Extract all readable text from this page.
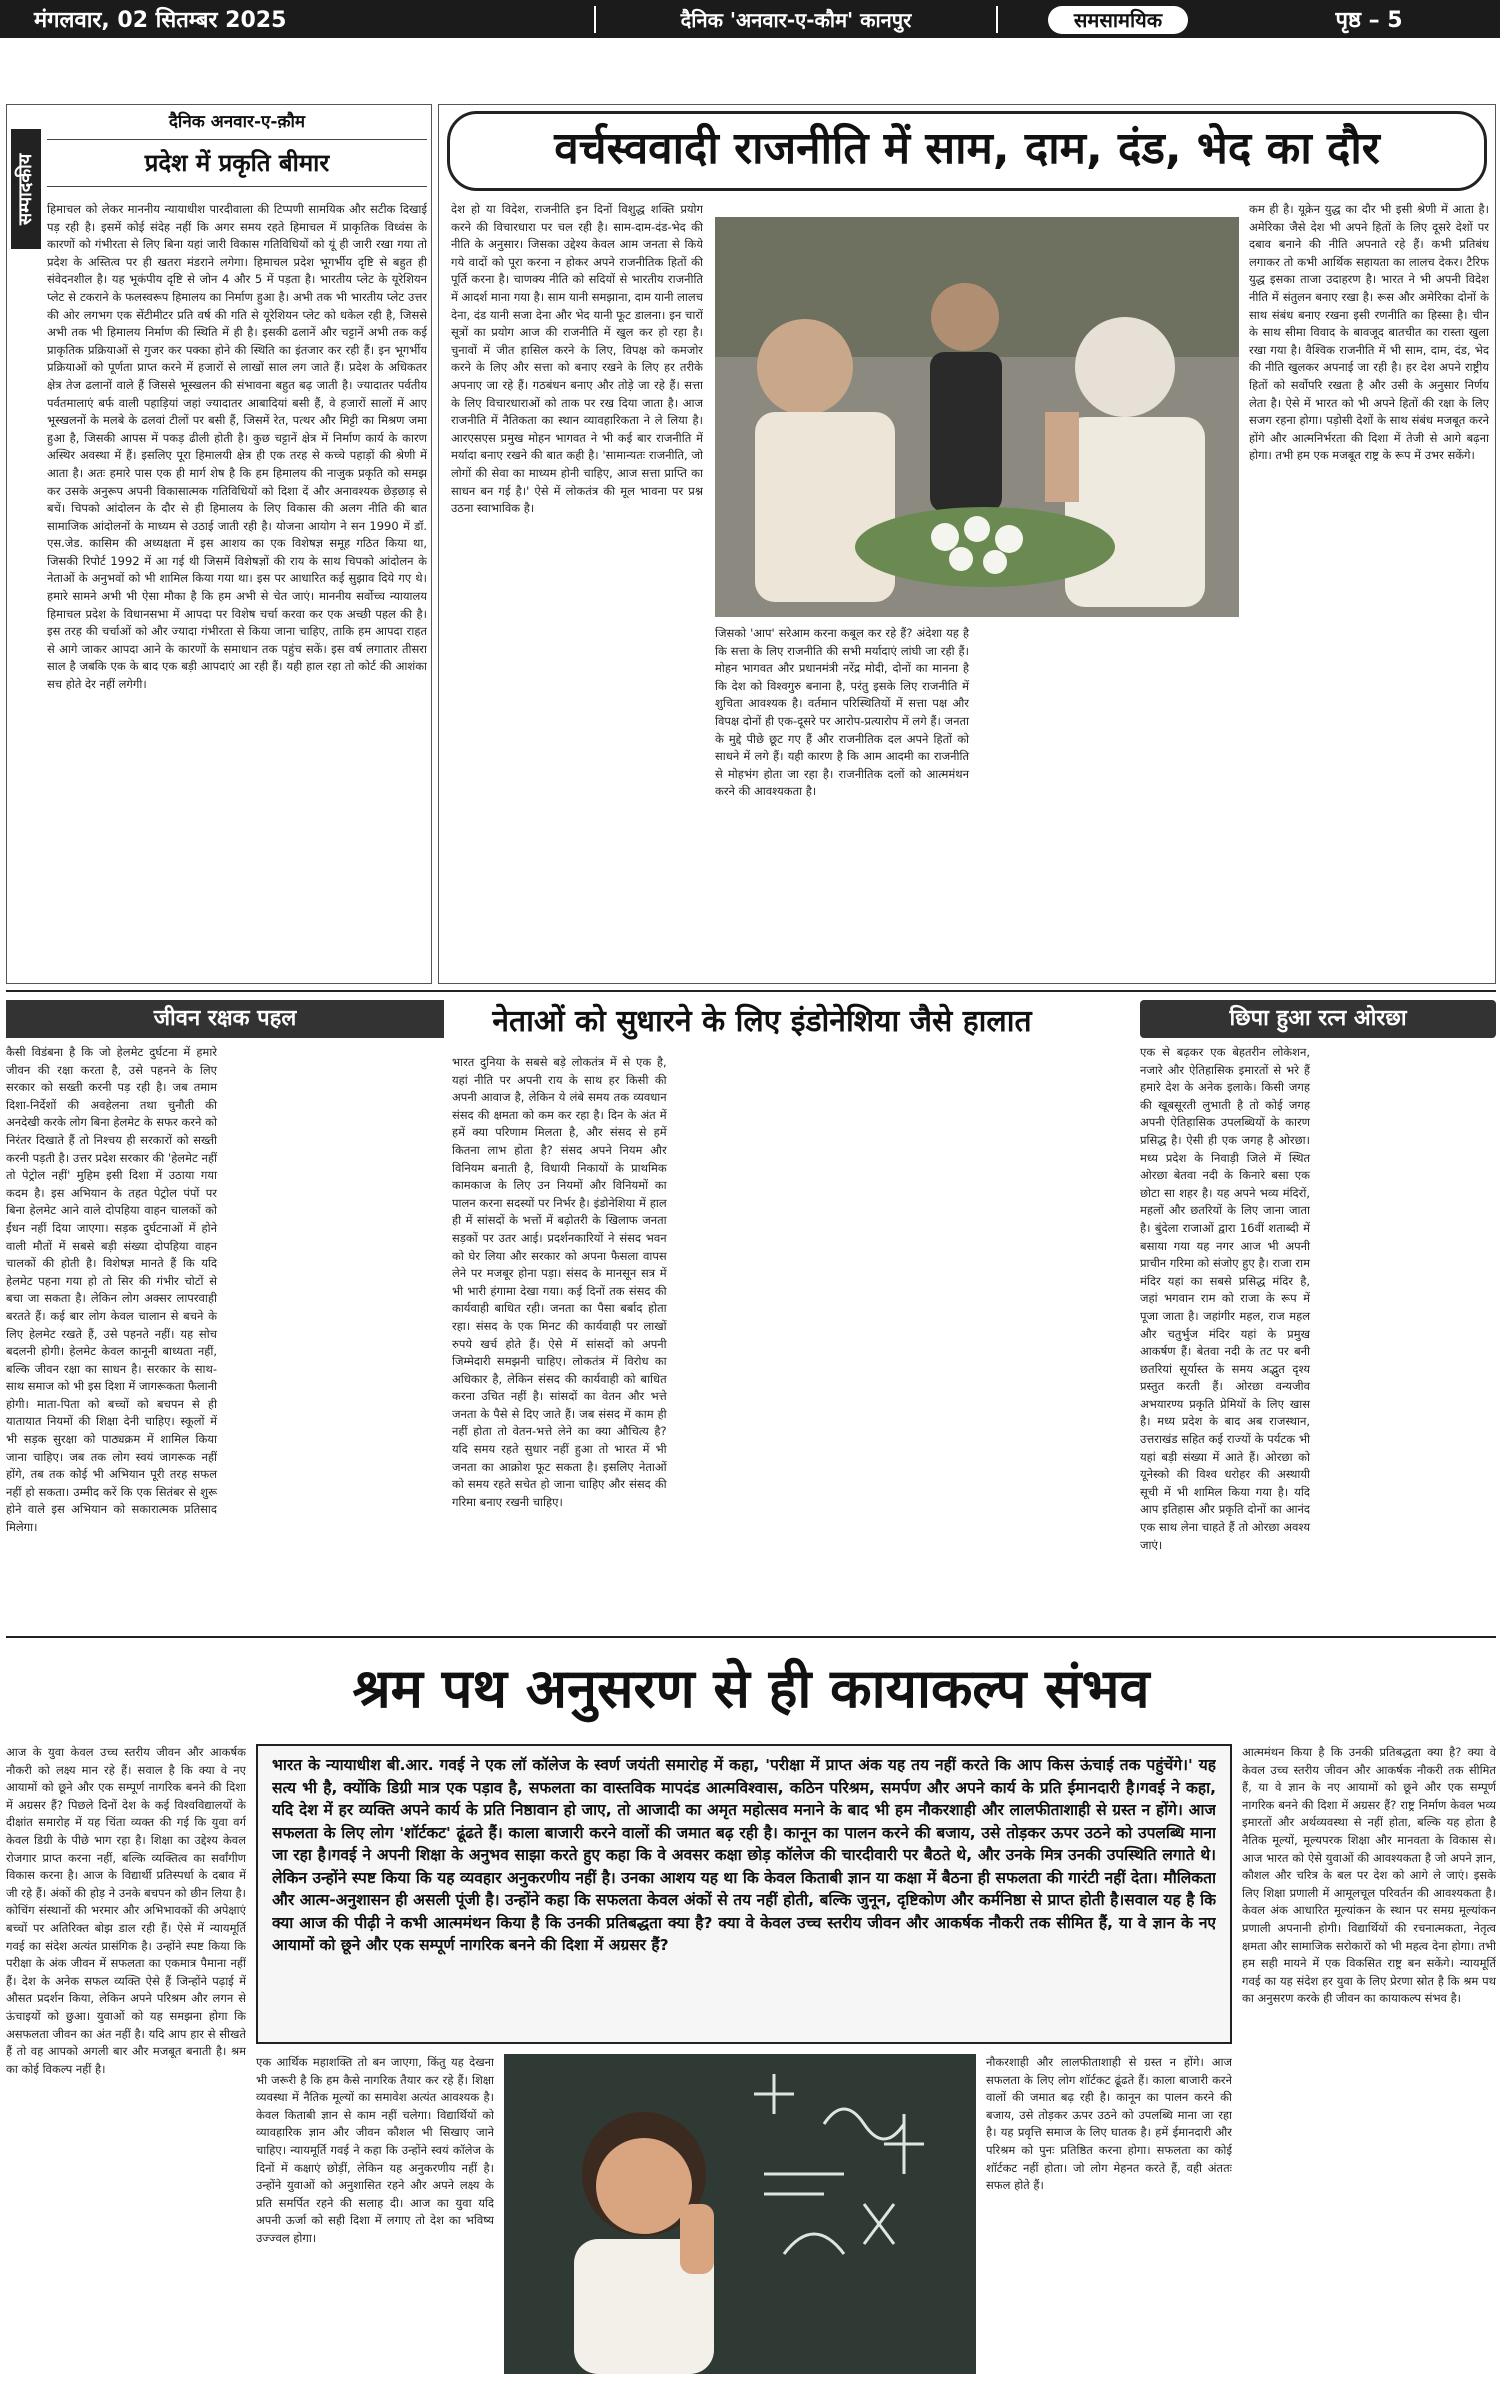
मंगलवार, 02 सितम्बर 2025	दैनिक 'अनवार-ए-कौम' कानपुर	समसामयिक	पृष्ठ – 5
सम्पादकीय
दैनिक अनवार-ए-क़ौम
प्रदेश में प्रकृति बीमार
हिमाचल को लेकर माननीय न्यायाधीश पारदीवाला की टिप्पणी सामयिक और सटीक दिखाई पड़ रही है। इसमें कोई संदेह नहीं कि अगर समय रहते हिमाचल में प्राकृतिक विध्वंस के कारणों को गंभीरता से लिए बिना यहां जारी विकास गतिविधियों को यूं ही जारी रखा गया तो प्रदेश के अस्तित्व पर ही खतरा मंडराने लगेगा। हिमाचल प्रदेश भूगर्भीय दृष्टि से बहुत ही संवेदनशील है। यह भूकंपीय दृष्टि से जोन 4 और 5 में पड़ता है। भारतीय प्लेट के यूरेशियन प्लेट से टकराने के फलस्वरूप हिमालय का निर्माण हुआ है। अभी तक भी भारतीय प्लेट उत्तर की ओर लगभग एक सेंटीमीटर प्रति वर्ष की गति से यूरेशियन प्लेट को धकेल रही है, जिससे अभी तक भी हिमालय निर्माण की स्थिति में ही है। इसकी ढलानें और चट्टानें अभी तक कई प्राकृतिक प्रक्रियाओं से गुजर कर पक्का होने की स्थिति का इंतजार कर रही हैं। इन भूगर्भीय प्रक्रियाओं को पूर्णता प्राप्त करने में हजारों से लाखों साल लग जाते हैं। प्रदेश के अधिकतर क्षेत्र तेज ढलानों वाले हैं जिससे भूस्खलन की संभावना बहुत बढ़ जाती है। ज्यादातर पर्वतीय पर्वतमालाएं बर्फ वाली पहाड़ियां जहां ज्यादातर आबादियां बसी हैं, वे हजारों सालों में आए भूस्खलनों के मलबे के ढलवां टीलों पर बसी हैं, जिसमें रेत, पत्थर और मिट्टी का मिश्रण जमा हुआ है, जिसकी आपस में पकड़ ढीली होती है। कुछ चट्टानें क्षेत्र में निर्माण कार्य के कारण अस्थिर अवस्था में हैं। इसलिए पूरा हिमालयी क्षेत्र ही एक तरह से कच्चे पहाड़ों की श्रेणी में आता है। अतः हमारे पास एक ही मार्ग शेष है कि हम हिमालय की नाजुक प्रकृति को समझ कर उसके अनुरूप अपनी विकासात्मक गतिविधियों को दिशा दें और अनावश्यक छेड़छाड़ से बचें। चिपको आंदोलन के दौर से ही हिमालय के लिए विकास की अलग नीति की बात सामाजिक आंदोलनों के माध्यम से उठाई जाती रही है। योजना आयोग ने सन 1990 में डॉ. एस.जेड. कासिम की अध्यक्षता में इस आशय का एक विशेषज्ञ समूह गठित किया था, जिसकी रिपोर्ट 1992 में आ गई थी जिसमें विशेषज्ञों की राय के साथ चिपको आंदोलन के नेताओं के अनुभवों को भी शामिल किया गया था। इस पर आधारित कई सुझाव दिये गए थे। हमारे सामने अभी भी ऐसा मौका है कि हम अभी से चेत जाएं। माननीय सर्वोच्च न्यायालय हिमाचल प्रदेश के विधानसभा में आपदा पर विशेष चर्चा करवा कर एक अच्छी पहल की है। इस तरह की चर्चाओं को और ज्यादा गंभीरता से किया जाना चाहिए, ताकि हम आपदा राहत से आगे जाकर आपदा आने के कारणों के समाधान तक पहुंच सकें। इस वर्ष लगातार तीसरा साल है जबकि एक के बाद एक बड़ी आपदाएं आ रही हैं। यही हाल रहा तो कोर्ट की आशंका सच होते देर नहीं लगेगी।
वर्चस्ववादी राजनीति में साम, दाम, दंड, भेद का दौर
देश हो या विदेश, राजनीति इन दिनों विशुद्ध शक्ति प्रयोग करने की विचारधारा पर चल रही है। साम-दाम-दंड-भेद की नीति के अनुसार। जिसका उद्देश्य केवल आम जनता से किये गये वादों को पूरा करना न होकर अपने राजनीतिक हितों की पूर्ति करना है। चाणक्य नीति को सदियों से भारतीय राजनीति में आदर्श माना गया है। साम यानी समझाना, दाम यानी लालच देना, दंड यानी सजा देना और भेद यानी फूट डालना। इन चारों सूत्रों का प्रयोग आज की राजनीति में खुल कर हो रहा है। चुनावों में जीत हासिल करने के लिए, विपक्ष को कमजोर करने के लिए और सत्ता को बनाए रखने के लिए हर तरीके अपनाए जा रहे हैं। गठबंधन बनाए और तोड़े जा रहे हैं। सत्ता के लिए विचारधाराओं को ताक पर रख दिया जाता है। आज राजनीति में नैतिकता का स्थान व्यावहारिकता ने ले लिया है। आरएसएस प्रमुख मोहन भागवत ने भी कई बार राजनीति में मर्यादा बनाए रखने की बात कही है। 'सामान्यतः राजनीति, जो लोगों की सेवा का माध्यम होनी चाहिए, आज सत्ता प्राप्ति का साधन बन गई है।' ऐसे में लोकतंत्र की मूल भावना पर प्रश्न उठना स्वाभाविक है।
जिसको 'आप' सरेआम करना कबूल कर रहे हैं? अंदेशा यह है कि सत्ता के लिए राजनीति की सभी मर्यादाएं लांघी जा रही हैं। मोहन भागवत और प्रधानमंत्री नरेंद्र मोदी, दोनों का मानना है कि देश को विश्वगुरु बनाना है, परंतु इसके लिए राजनीति में शुचिता आवश्यक है। वर्तमान परिस्थितियों में सत्ता पक्ष और विपक्ष दोनों ही एक-दूसरे पर आरोप-प्रत्यारोप में लगे हैं। जनता के मुद्दे पीछे छूट गए हैं और राजनीतिक दल अपने हितों को साधने में लगे हैं। यही कारण है कि आम आदमी का राजनीति से मोहभंग होता जा रहा है। राजनीतिक दलों को आत्ममंथन करने की आवश्यकता है।
कम ही है। यूक्रेन युद्ध का दौर भी इसी श्रेणी में आता है। अमेरिका जैसे देश भी अपने हितों के लिए दूसरे देशों पर दबाव बनाने की नीति अपनाते रहे हैं। कभी प्रतिबंध लगाकर तो कभी आर्थिक सहायता का लालच देकर। टैरिफ युद्ध इसका ताजा उदाहरण है। भारत ने भी अपनी विदेश नीति में संतुलन बनाए रखा है। रूस और अमेरिका दोनों के साथ संबंध बनाए रखना इसी रणनीति का हिस्सा है। चीन के साथ सीमा विवाद के बावजूद बातचीत का रास्ता खुला रखा गया है। वैश्विक राजनीति में भी साम, दाम, दंड, भेद की नीति खुलकर अपनाई जा रही है। हर देश अपने राष्ट्रीय हितों को सर्वोपरि रखता है और उसी के अनुसार निर्णय लेता है। ऐसे में भारत को भी अपने हितों की रक्षा के लिए सजग रहना होगा। पड़ोसी देशों के साथ संबंध मजबूत करने होंगे और आत्मनिर्भरता की दिशा में तेजी से आगे बढ़ना होगा। तभी हम एक मजबूत राष्ट्र के रूप में उभर सकेंगे।
जीवन रक्षक पहल
कैसी विडंबना है कि जो हेलमेट दुर्घटना में हमारे जीवन की रक्षा करता है, उसे पहनने के लिए सरकार को सख्ती करनी पड़ रही है। जब तमाम दिशा-निर्देशों की अवहेलना तथा चुनौती की अनदेखी करके लोग बिना हेलमेट के सफर करने को निरंतर दिखाते हैं तो निश्चय ही सरकारों को सख्ती करनी पड़ती है। उत्तर प्रदेश सरकार की 'हेलमेट नहीं तो पेट्रोल नहीं' मुहिम इसी दिशा में उठाया गया कदम है। इस अभियान के तहत पेट्रोल पंपों पर बिना हेलमेट आने वाले दोपहिया वाहन चालकों को ईंधन नहीं दिया जाएगा। सड़क दुर्घटनाओं में होने वाली मौतों में सबसे बड़ी संख्या दोपहिया वाहन चालकों की होती है। विशेषज्ञ मानते हैं कि यदि हेलमेट पहना गया हो तो सिर की गंभीर चोटों से बचा जा सकता है। लेकिन लोग अक्सर लापरवाही बरतते हैं। कई बार लोग केवल चालान से बचने के लिए हेलमेट रखते हैं, उसे पहनते नहीं। यह सोच बदलनी होगी। हेलमेट केवल कानूनी बाध्यता नहीं, बल्कि जीवन रक्षा का साधन है। सरकार के साथ-साथ समाज को भी इस दिशा में जागरूकता फैलानी होगी। माता-पिता को बच्चों को बचपन से ही यातायात नियमों की शिक्षा देनी चाहिए। स्कूलों में भी सड़क सुरक्षा को पाठ्यक्रम में शामिल किया जाना चाहिए। जब तक लोग स्वयं जागरूक नहीं होंगे, तब तक कोई भी अभियान पूरी तरह सफल नहीं हो सकता। उम्मीद करें कि एक सितंबर से शुरू होने वाले इस अभियान को सकारात्मक प्रतिसाद मिलेगा।
नेताओं को सुधारने के लिए इंडोनेशिया जैसे हालात
भारत दुनिया के सबसे बड़े लोकतंत्र में से एक है, यहां नीति पर अपनी राय के साथ हर किसी की अपनी आवाज है, लेकिन ये लंबे समय तक व्यवधान संसद की क्षमता को कम कर रहा है। दिन के अंत में हमें क्या परिणाम मिलता है, और संसद से हमें कितना लाभ होता है? संसद अपने नियम और विनियम बनाती है, विधायी निकायों के प्राथमिक कामकाज के लिए उन नियमों और विनियमों का पालन करना सदस्यों पर निर्भर है। इंडोनेशिया में हाल ही में सांसदों के भत्तों में बढ़ोतरी के खिलाफ जनता सड़कों पर उतर आई। प्रदर्शनकारियों ने संसद भवन को घेर लिया और सरकार को अपना फैसला वापस लेने पर मजबूर होना पड़ा। संसद के मानसून सत्र में भी भारी हंगामा देखा गया। कई दिनों तक संसद की कार्यवाही बाधित रही। जनता का पैसा बर्बाद होता रहा। संसद के एक मिनट की कार्यवाही पर लाखों रुपये खर्च होते हैं। ऐसे में सांसदों को अपनी जिम्मेदारी समझनी चाहिए। लोकतंत्र में विरोध का अधिकार है, लेकिन संसद की कार्यवाही को बाधित करना उचित नहीं है। सांसदों का वेतन और भत्ते जनता के पैसे से दिए जाते हैं। जब संसद में काम ही नहीं होता तो वेतन-भत्ते लेने का क्या औचित्य है? यदि समय रहते सुधार नहीं हुआ तो भारत में भी जनता का आक्रोश फूट सकता है। इसलिए नेताओं को समय रहते सचेत हो जाना चाहिए और संसद की गरिमा बनाए रखनी चाहिए।
छिपा हुआ रत्न ओरछा
एक से बढ़कर एक बेहतरीन लोकेशन, नजारे और ऐतिहासिक इमारतों से भरे हैं हमारे देश के अनेक इलाके। किसी जगह की खूबसूरती लुभाती है तो कोई जगह अपनी ऐतिहासिक उपलब्धियों के कारण प्रसिद्ध है। ऐसी ही एक जगह है ओरछा। मध्य प्रदेश के निवाड़ी जिले में स्थित ओरछा बेतवा नदी के किनारे बसा एक छोटा सा शहर है। यह अपने भव्य मंदिरों, महलों और छतरियों के लिए जाना जाता है। बुंदेला राजाओं द्वारा 16वीं शताब्दी में बसाया गया यह नगर आज भी अपनी प्राचीन गरिमा को संजोए हुए है। राजा राम मंदिर यहां का सबसे प्रसिद्ध मंदिर है, जहां भगवान राम को राजा के रूप में पूजा जाता है। जहांगीर महल, राज महल और चतुर्भुज मंदिर यहां के प्रमुख आकर्षण हैं। बेतवा नदी के तट पर बनी छतरियां सूर्यास्त के समय अद्भुत दृश्य प्रस्तुत करती हैं। ओरछा वन्यजीव अभयारण्य प्रकृति प्रेमियों के लिए खास है। मध्य प्रदेश के बाद अब राजस्थान, उत्तराखंड सहित कई राज्यों के पर्यटक भी यहां बड़ी संख्या में आते हैं। ओरछा को यूनेस्को की विश्व धरोहर की अस्थायी सूची में भी शामिल किया गया है। यदि आप इतिहास और प्रकृति दोनों का आनंद एक साथ लेना चाहते हैं तो ओरछा अवश्य जाएं।
श्रम पथ अनुसरण से ही कायाकल्प संभव
आज के युवा केवल उच्च स्तरीय जीवन और आकर्षक नौकरी को लक्ष्य मान रहे हैं। सवाल है कि क्या वे नए आयामों को छूने और एक सम्पूर्ण नागरिक बनने की दिशा में अग्रसर हैं? पिछले दिनों देश के कई विश्वविद्यालयों के दीक्षांत समारोह में यह चिंता व्यक्त की गई कि युवा वर्ग केवल डिग्री के पीछे भाग रहा है। शिक्षा का उद्देश्य केवल रोजगार प्राप्त करना नहीं, बल्कि व्यक्तित्व का सर्वांगीण विकास करना है। आज के विद्यार्थी प्रतिस्पर्धा के दबाव में जी रहे हैं। अंकों की होड़ ने उनके बचपन को छीन लिया है। कोचिंग संस्थानों की भरमार और अभिभावकों की अपेक्षाएं बच्चों पर अतिरिक्त बोझ डाल रही हैं। ऐसे में न्यायमूर्ति गवई का संदेश अत्यंत प्रासंगिक है। उन्होंने स्पष्ट किया कि परीक्षा के अंक जीवन में सफलता का एकमात्र पैमाना नहीं हैं। देश के अनेक सफल व्यक्ति ऐसे हैं जिन्होंने पढ़ाई में औसत प्रदर्शन किया, लेकिन अपने परिश्रम और लगन से ऊंचाइयों को छुआ। युवाओं को यह समझना होगा कि असफलता जीवन का अंत नहीं है। यदि आप हार से सीखते हैं तो वह आपको अगली बार और मजबूत बनाती है। श्रम का कोई विकल्प नहीं है।
भारत के न्यायाधीश बी.आर. गवई ने एक लॉ कॉलेज के स्वर्ण जयंती समारोह में कहा, 'परीक्षा में प्राप्त अंक यह तय नहीं करते कि आप किस ऊंचाई तक पहुंचेंगे।' यह सत्य भी है, क्योंकि डिग्री मात्र एक पड़ाव है, सफलता का वास्तविक मापदंड आत्मविश्वास, कठिन परिश्रम, समर्पण और अपने कार्य के प्रति ईमानदारी है।गवई ने कहा, यदि देश में हर व्यक्ति अपने कार्य के प्रति निष्ठावान हो जाए, तो आजादी का अमृत महोत्सव मनाने के बाद भी हम नौकरशाही और लालफीताशाही से ग्रस्त न होंगे। आज सफलता के लिए लोग 'शॉर्टकट' ढूंढते हैं। काला बाजारी करने वालों की जमात बढ़ रही है। कानून का पालन करने की बजाय, उसे तोड़कर ऊपर उठने को उपलब्धि माना जा रहा है।गवई ने अपनी शिक्षा के अनुभव साझा करते हुए कहा कि वे अवसर कक्षा छोड़ कॉलेज की चारदीवारी पर बैठते थे, और उनके मित्र उनकी उपस्थिति लगाते थे। लेकिन उन्होंने स्पष्ट किया कि यह व्यवहार अनुकरणीय नहीं है। उनका आशय यह था कि केवल किताबी ज्ञान या कक्षा में बैठना ही सफलता की गारंटी नहीं देता। मौलिकता और आत्म-अनुशासन ही असली पूंजी है। उन्होंने कहा कि सफलता केवल अंकों से तय नहीं होती, बल्कि जुनून, दृष्टिकोण और कर्मनिष्ठा से प्राप्त होती है।सवाल यह है कि क्या आज की पीढ़ी ने कभी आत्ममंथन किया है कि उनकी प्रतिबद्धता क्या है? क्या वे केवल उच्च स्तरीय जीवन और आकर्षक नौकरी तक सीमित हैं, या वे ज्ञान के नए आयामों को छूने और एक सम्पूर्ण नागरिक बनने की दिशा में अग्रसर हैं?
आत्ममंथन किया है कि उनकी प्रतिबद्धता क्या है? क्या वे केवल उच्च स्तरीय जीवन और आकर्षक नौकरी तक सीमित हैं, या वे ज्ञान के नए आयामों को छूने और एक सम्पूर्ण नागरिक बनने की दिशा में अग्रसर हैं? राष्ट्र निर्माण केवल भव्य इमारतों और अर्थव्यवस्था से नहीं होता, बल्कि यह होता है नैतिक मूल्यों, मूल्यपरक शिक्षा और मानवता के विकास से। आज भारत को ऐसे युवाओं की आवश्यकता है जो अपने ज्ञान, कौशल और चरित्र के बल पर देश को आगे ले जाएं। इसके लिए शिक्षा प्रणाली में आमूलचूल परिवर्तन की आवश्यकता है। केवल अंक आधारित मूल्यांकन के स्थान पर समग्र मूल्यांकन प्रणाली अपनानी होगी। विद्यार्थियों की रचनात्मकता, नेतृत्व क्षमता और सामाजिक सरोकारों को भी महत्व देना होगा। तभी हम सही मायने में एक विकसित राष्ट्र बन सकेंगे। न्यायमूर्ति गवई का यह संदेश हर युवा के लिए प्रेरणा स्रोत है कि श्रम पथ का अनुसरण करके ही जीवन का कायाकल्प संभव है।
एक आर्थिक महाशक्ति तो बन जाएगा, किंतु यह देखना भी जरूरी है कि हम कैसे नागरिक तैयार कर रहे हैं। शिक्षा व्यवस्था में नैतिक मूल्यों का समावेश अत्यंत आवश्यक है। केवल किताबी ज्ञान से काम नहीं चलेगा। विद्यार्थियों को व्यावहारिक ज्ञान और जीवन कौशल भी सिखाए जाने चाहिए। न्यायमूर्ति गवई ने कहा कि उन्होंने स्वयं कॉलेज के दिनों में कक्षाएं छोड़ीं, लेकिन यह अनुकरणीय नहीं है। उन्होंने युवाओं को अनुशासित रहने और अपने लक्ष्य के प्रति समर्पित रहने की सलाह दी। आज का युवा यदि अपनी ऊर्जा को सही दिशा में लगाए तो देश का भविष्य उज्ज्वल होगा।
नौकरशाही और लालफीताशाही से ग्रस्त न होंगे। आज सफलता के लिए लोग शॉर्टकट ढूंढते हैं। काला बाजारी करने वालों की जमात बढ़ रही है। कानून का पालन करने की बजाय, उसे तोड़कर ऊपर उठने को उपलब्धि माना जा रहा है। यह प्रवृत्ति समाज के लिए घातक है। हमें ईमानदारी और परिश्रम को पुनः प्रतिष्ठित करना होगा। सफलता का कोई शॉर्टकट नहीं होता। जो लोग मेहनत करते हैं, वही अंततः सफल होते हैं।
